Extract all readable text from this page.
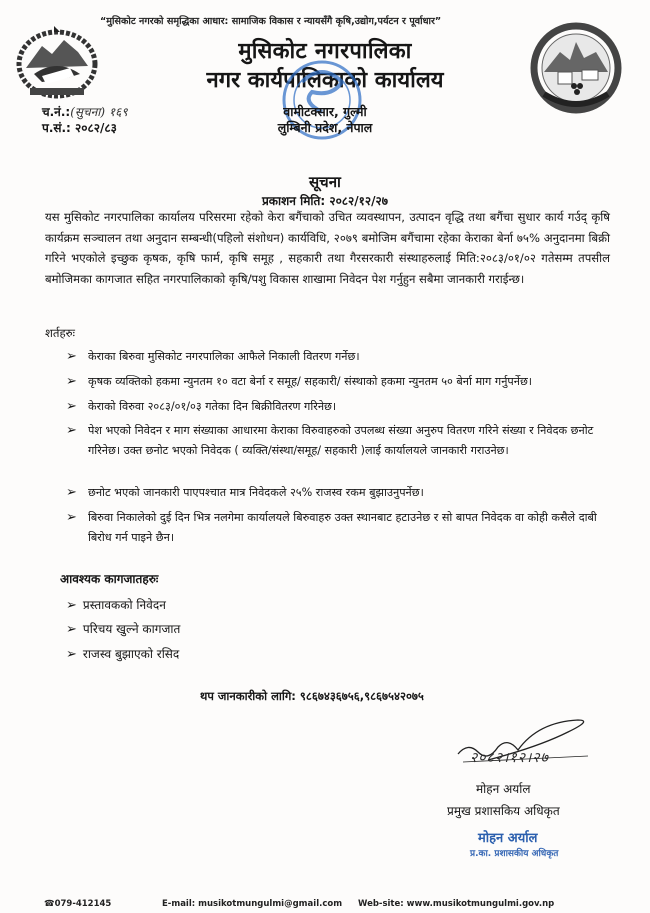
“मुसिकोट नगरको समृद्धिका आधार: सामाजिक विकास र न्यायसँगै कृषि,उद्योग,पर्यटन र पूर्वाधार”
मुसिकोट नगरपालिका
नगर कार्यपालिकाको कार्यालय
वामीटक्सार, गुल्मी
लुम्बिनी प्रदेश, नेपाल
च.नं.:(सुचना) १६९
प.सं.: २०८२/८३
सूचना
प्रकाशन मिति: २०८२/१२/२७
यस मुसिकोट नगरपालिका कार्यालय परिसरमा रहेको केरा बगैंचाको उचित व्यवस्थापन, उत्पादन वृद्धि तथा बगैंचा सुधार कार्य गर्उद् कृषि कार्यक्रम सञ्चालन तथा अनुदान सम्बन्धी(पहिलो संशोधन) कार्यविधि, २०७९ बमोजिम बगैंचामा रहेका केराका बेर्ना ७५% अनुदानमा बिक्री गरिने भएकोले इच्छुक कृषक, कृषि फार्म, कृषि समूह , सहकारी तथा गैरसरकारी संस्थाहरुलाई मिति:२०८३/०१/०२ गतेसम्म तपसील बमोजिमका कागजात सहित नगरपालिकाको कृषि/पशु विकास शाखामा निवेदन पेश गर्नुहुन सबैमा जानकारी गराईन्छ।
शर्तहरुः
➢ केराका बिरुवा मुसिकोट नगरपालिका आफैले निकाली वितरण गर्नेछ।
➢ कृषक व्यक्तिको हकमा न्युनतम १० वटा बेर्ना र समूह/ सहकारी/ संस्थाको हकमा न्युनतम ५० बेर्ना माग गर्नुपर्नेछ।
➢ केराको विरुवा २०८३/०१/०३ गतेका दिन बिक्रीवितरण गरिनेछ।
➢ पेश भएको निवेदन र माग संख्याका आधारमा केराका विरुवाहरुको उपलब्ध संख्या अनुरुप वितरण गरिने संख्या र निवेदक छनोट गरिनेछ। उक्त छनोट भएको निवेदक ( व्यक्ति/संस्था/समूह/ सहकारी )लाई कार्यालयले जानकारी गराउनेछ।
➢ छनोट भएको जानकारी पाएपश्चात मात्र निवेदकले २५% राजस्व रकम बुझाउनुपर्नेछ।
➢ बिरुवा निकालेको दुई दिन भित्र नलगेमा कार्यालयले बिरुवाहरु उक्त स्थानबाट हटाउनेछ र सो बापत निवेदक वा कोही कसैले दाबी बिरोध गर्न पाइने छैन।
आवश्यक कागजातहरुः
➢ प्रस्तावकको निवेदन
➢ परिचय खुल्ने कागजात
➢ राजस्व बुझाएको रसिद
थप जानकारीको लागि: ९८६७४३६७५६,९८६७५४२०७५
२०८२।१२।२७
मोहन अर्याल
प्रमुख प्रशासकिय अधिकृत
मोहन अर्याल
प्र.का. प्रशासकीय अधिकृत
☎079-412145	E-mail: musikotmungulmi@gmail.com Web-site: www.musikotmungulmi.gov.np
